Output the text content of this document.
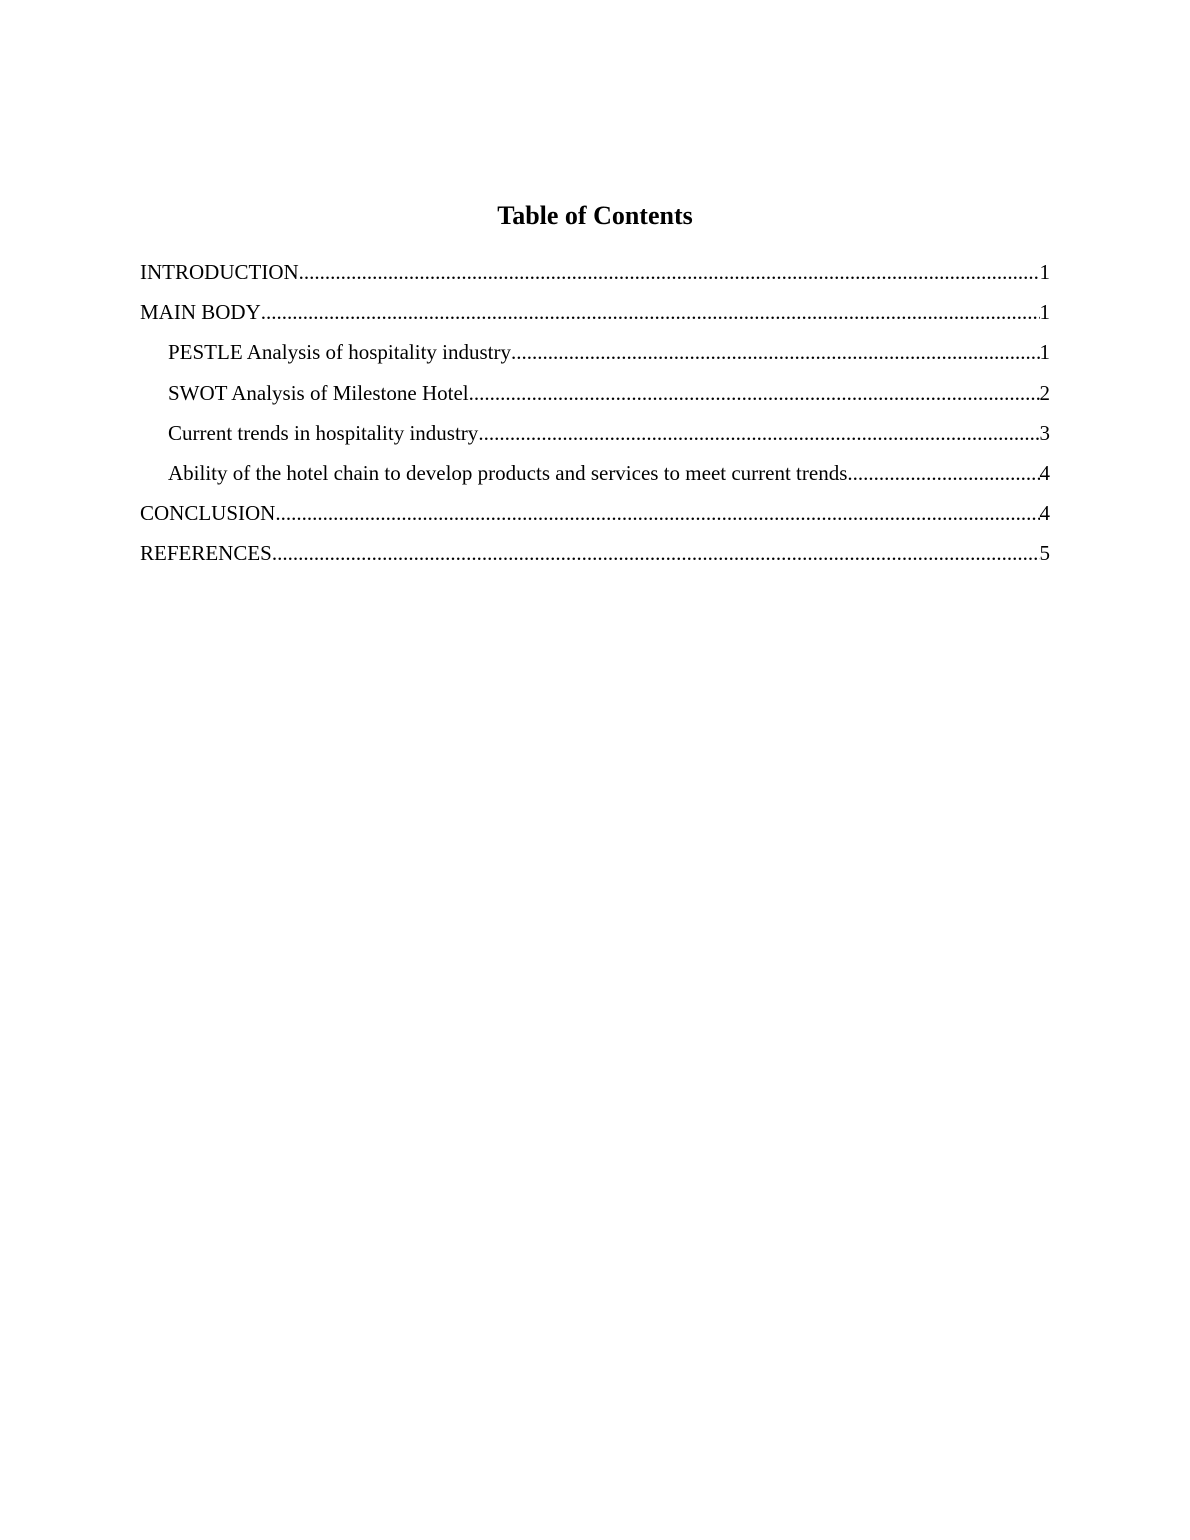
Table of Contents
INTRODUCTION .....	1
MAIN BODY .....	1
PESTLE Analysis of hospitality industry .....	1
SWOT Analysis of Milestone Hotel .....	2
Current trends in hospitality industry .....	3
Ability of the hotel chain to develop products and services to meet current trends .....	4
CONCLUSION .....	4
REFERENCES .....	5
